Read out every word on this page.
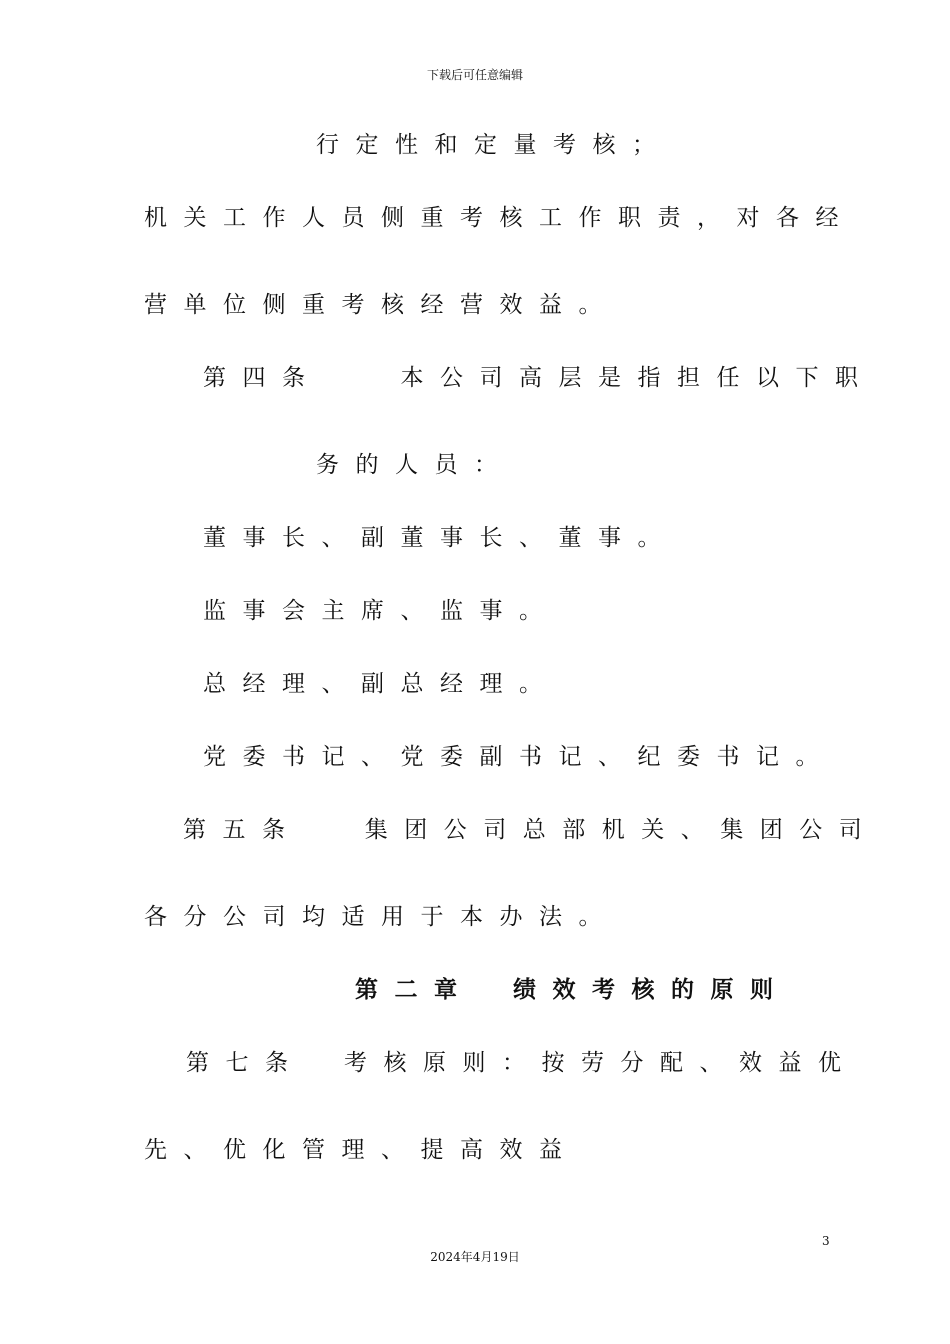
下载后可任意编辑
行定性和定量考核；
机关工作人员侧重考核工作职责，对各经
营单位侧重考核经营效益。
第四条　　本公司高层是指担任以下职
务的人员：
董事长、副董事长、董事。
监事会主席、监事。
总经理、副总经理。
党委书记、党委副书记、纪委书记。
第五条　 集团公司总部机关、集团公司
各分公司均适用于本办法。
第二章　绩效考核的原则
第七条　考核原则：按劳分配、效益优
先、优化管理、提高效益
3
2024年4月19日
